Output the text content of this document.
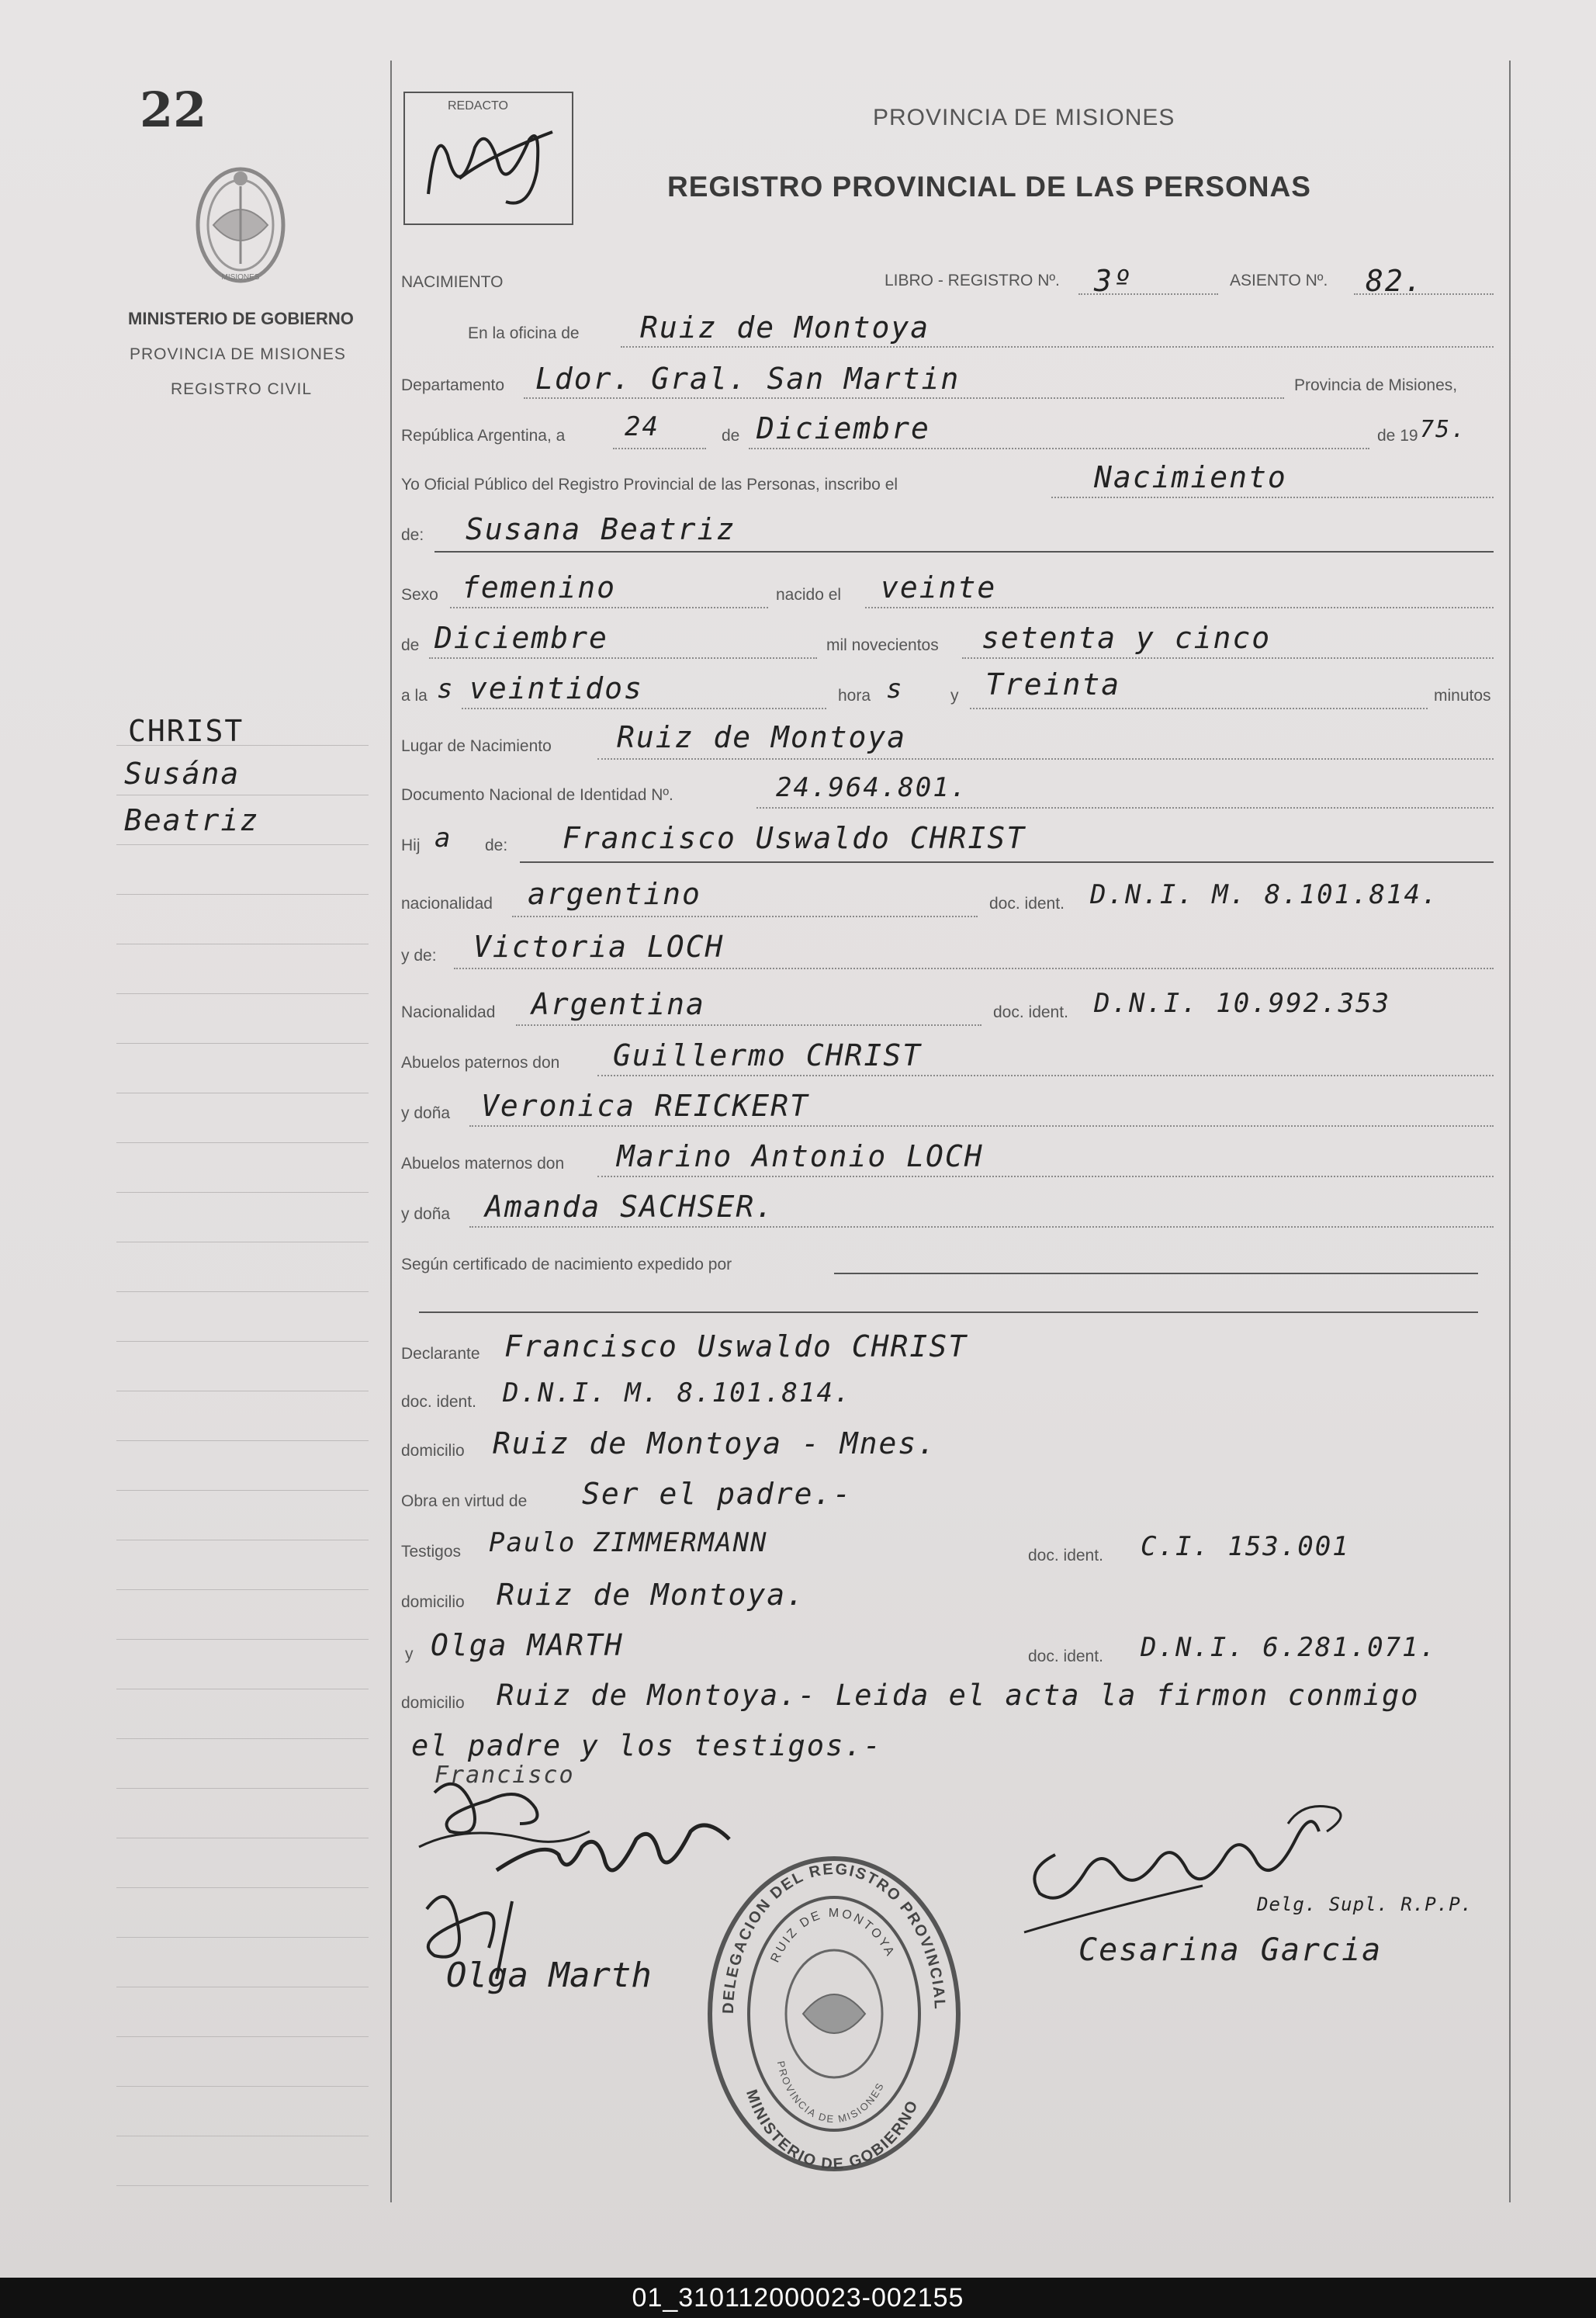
22
MISIONES
MINISTERIO DE GOBIERNO
PROVINCIA DE MISIONES
REGISTRO CIVIL
CHRIST
Susána
Beatriz
REDACTO	PROVINCIA DE MISIONES
REGISTRO PROVINCIAL DE LAS PERSONAS
NACIMIENTO	LIBRO - REGISTRO Nº. 3º	ASIENTO Nº. 82.
En la oficina de Ruiz de Montoya
Departamento Ldor. Gral. San Martin	Provincia de Misiones,
República Argentina, a 24	de Diciembre	de 19 75.
Yo Oficial Público del Registro Provincial de las Personas, inscribo el	Nacimiento
de: Susana Beatriz
Sexo femenino	nacido el veinte
de Diciembre	mil novecientos setenta y cinco
a la s veintidos	hora s	y Treinta	minutos
Lugar de Nacimiento Ruiz de Montoya
Documento Nacional de Identidad Nº.	24.964.801.
Hij a de: Francisco Uswaldo CHRIST
nacionalidad argentino	doc. ident. D.N.I. M. 8.101.814.
y de: Victoria LOCH
Nacionalidad Argentina	doc. ident. D.N.I. 10.992.353
Abuelos paternos don Guillermo CHRIST
y doña Veronica REICKERT
Abuelos maternos don Marino Antonio LOCH
y doña Amanda SACHSER.
Según certificado de nacimiento expedido por
Declarante Francisco Uswaldo CHRIST
doc. ident. D.N.I. M. 8.101.814.
domicilio Ruiz de Montoya - Mnes.
Obra en virtud de Ser el padre.-
Testigos Paulo ZIMMERMANN	doc. ident. C.I. 153.001
domicilio Ruiz de Montoya.
y Olga MARTH	doc. ident. D.N.I. 6.281.071.
domicilio Ruiz de Montoya.- Leida el acta la firmon conmigo
el padre y los testigos.-
Francisco
Olga Marth
DELEGACION DEL REGISTRO PROVINCIAL
RUIZ DE MONTOYA
MINISTERIO DE GOBIERNO
PROVINCIA DE MISIONES
Delg. Supl. R.P.P.
Cesarina Garcia
01_310112000023-002155
